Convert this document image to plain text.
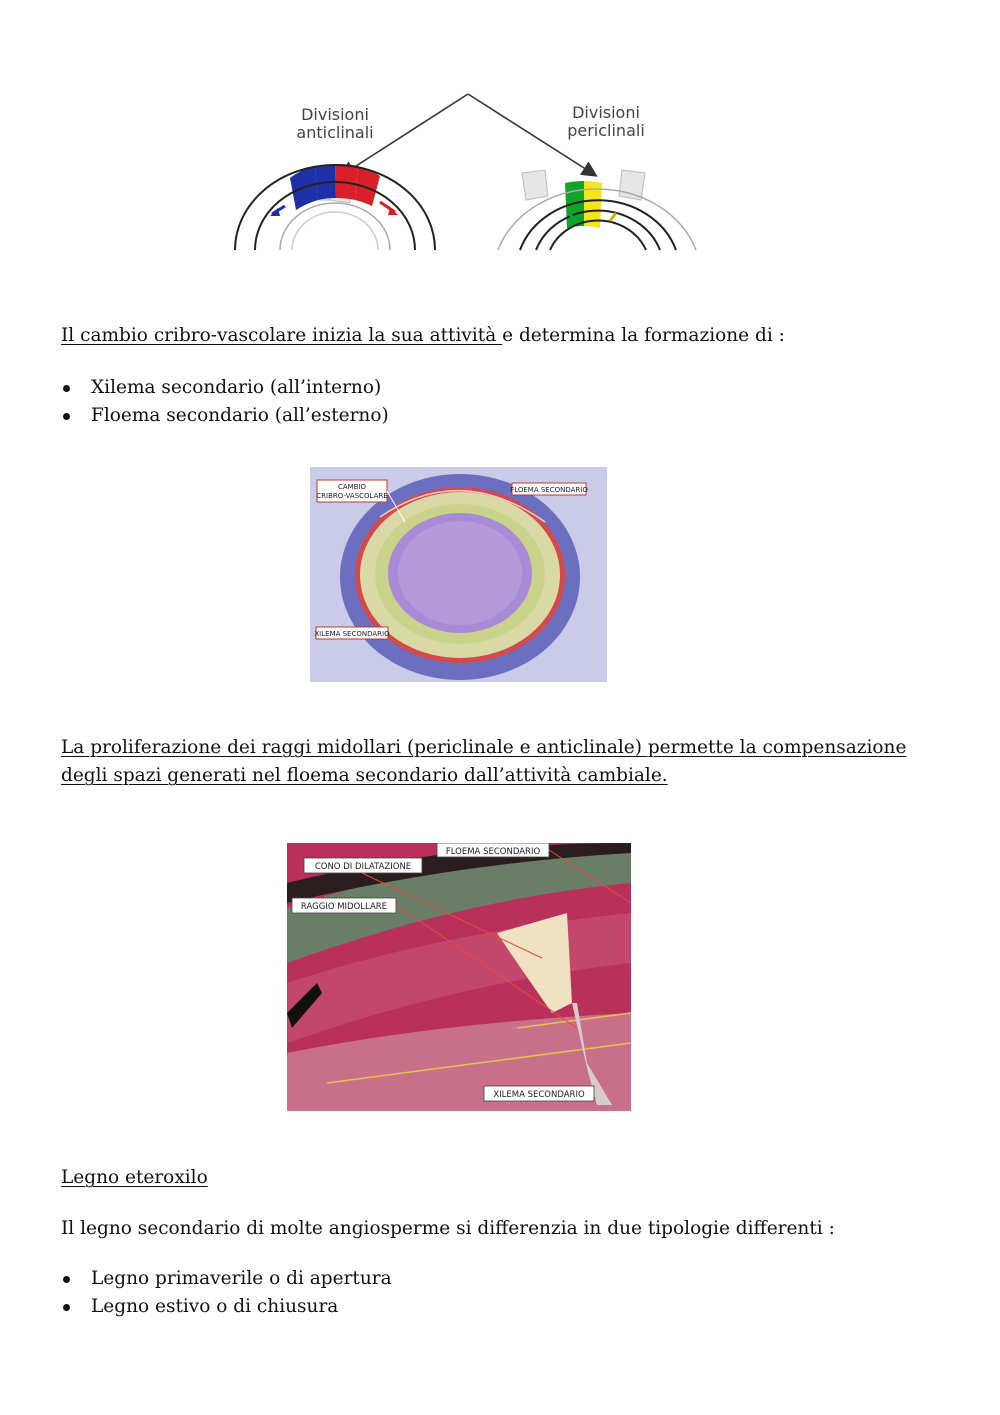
Divisioni
anticlinali
Divisioni
periclinali

Il cambio cribro-vascolare inizia la sua attività e determina la formazione di :

Xilema secondario (all’interno)
Floema secondario (all’esterno)
CAMBIO
CRIBRO-VASCOLARE
FLOEMA SECONDARIO
XILEMA SECONDARIO

La proliferazione dei raggi midollari (periclinale e anticlinale) permette la compensazione
degli spazi generati nel floema secondario dall’attività cambiale.

FLOEMA SECONDARIO
CONO DI DILATAZIONE
RAGGIO MIDOLLARE
XILEMA SECONDARIO

Legno eteroxilo

Il legno secondario di molte angiosperme si differenzia in due tipologie differenti :

Legno primaverile o di apertura
Legno estivo o di chiusura
